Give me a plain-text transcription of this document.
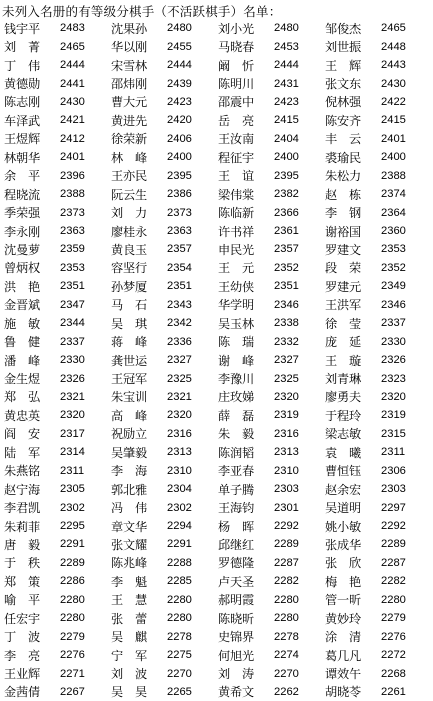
未列入名册的有等级分棋手（不活跃棋手）名单：
钱宇平	2483	沈果孙	2480	刘小光	2480	邹俊杰	2465
刘　菁	2465	华以刚	2455	马晓春	2453	刘世振	2448
丁　伟	2444	宋雪林	2444	阚　忻	2444	王　辉	2443
黄德勋	2441	邵炜刚	2439	陈明川	2431	张文东	2430
陈志刚	2430	曹大元	2423	邵震中	2423	倪林强	2422
车泽武	2421	黄进先	2420	岳　亮	2415	陈安齐	2415
王煜辉	2412	徐荣新	2406	王汝南	2404	丰　云	2401
林朝华	2401	林　峰	2400	程征宇	2400	裘瑜民	2400
余　平	2396	王亦民	2395	王　谊	2395	朱松力	2388
程晓流	2388	阮云生	2386	梁伟棠	2382	赵　栋	2374
季荣强	2373	刘　力	2373	陈临新	2366	李　钢	2364
李永刚	2363	廖桂永	2363	许书祥	2361	谢裕国	2360
沈曼萝	2359	黄良玉	2357	申民光	2357	罗建文	2353
曾炳权	2353	容坚行	2354	王　元	2352	段　荣	2352
洪　艳	2351	孙梦厦	2351	王幼侠	2351	罗建元	2349
金晋斌	2347	马　石	2343	华学明	2346	王洪军	2346
施　敏	2344	吴　琪	2342	吴玉林	2338	徐　莹	2337
鲁　健	2337	蒋　峰	2336	陈　瑞	2332	庞　延	2330
潘　峰	2330	龚世运	2327	谢　峰	2327	王　璇	2326
金生煜	2326	王冠军	2325	李豫川	2325	刘青琳	2323
郑　弘	2321	朱宝训	2321	庄玫娣	2320	廖勇夫	2320
黄忠英	2320	高　峰	2320	薛　磊	2319	于程玲	2319
阎　安	2317	祝励立	2316	朱　毅	2316	梁志敏	2315
陆　军	2314	吴肇毅	2313	陈润韬	2313	袁　曦	2311
朱燕铭	2311	李　海	2310	李亚春	2310	曹恒钰	2306
赵宁海	2305	郭北雅	2304	单子腾	2303	赵余宏	2303
李君凯	2302	冯　伟	2302	王海钧	2301	吴道明	2297
朱莉菲	2295	章文华	2294	杨　晖	2292	姚小敏	2292
唐　毅	2291	张文耀	2291	邱继红	2289	张成华	2289
于　秩	2289	陈兆峰	2288	罗德隆	2287	张　欣	2287
郑　策	2286	李　魁	2285	卢天圣	2282	梅　艳	2282
喻　平	2280	王　慧	2280	郝明霞	2280	管一昕	2280
任宏宇	2280	张　蕾	2280	陈晓昕	2280	黄妙玲	2279
丁　波	2279	吴　麒	2278	史锦界	2278	涂　清	2276
李　亮	2276	宁　军	2275	何旭光	2274	葛几凡	2272
王业辉	2271	刘　波	2270	刘　涛	2270	谭效午	2268
金茜倩	2267	吴　昊	2265	黄希文	2262	胡晓苓	2261
